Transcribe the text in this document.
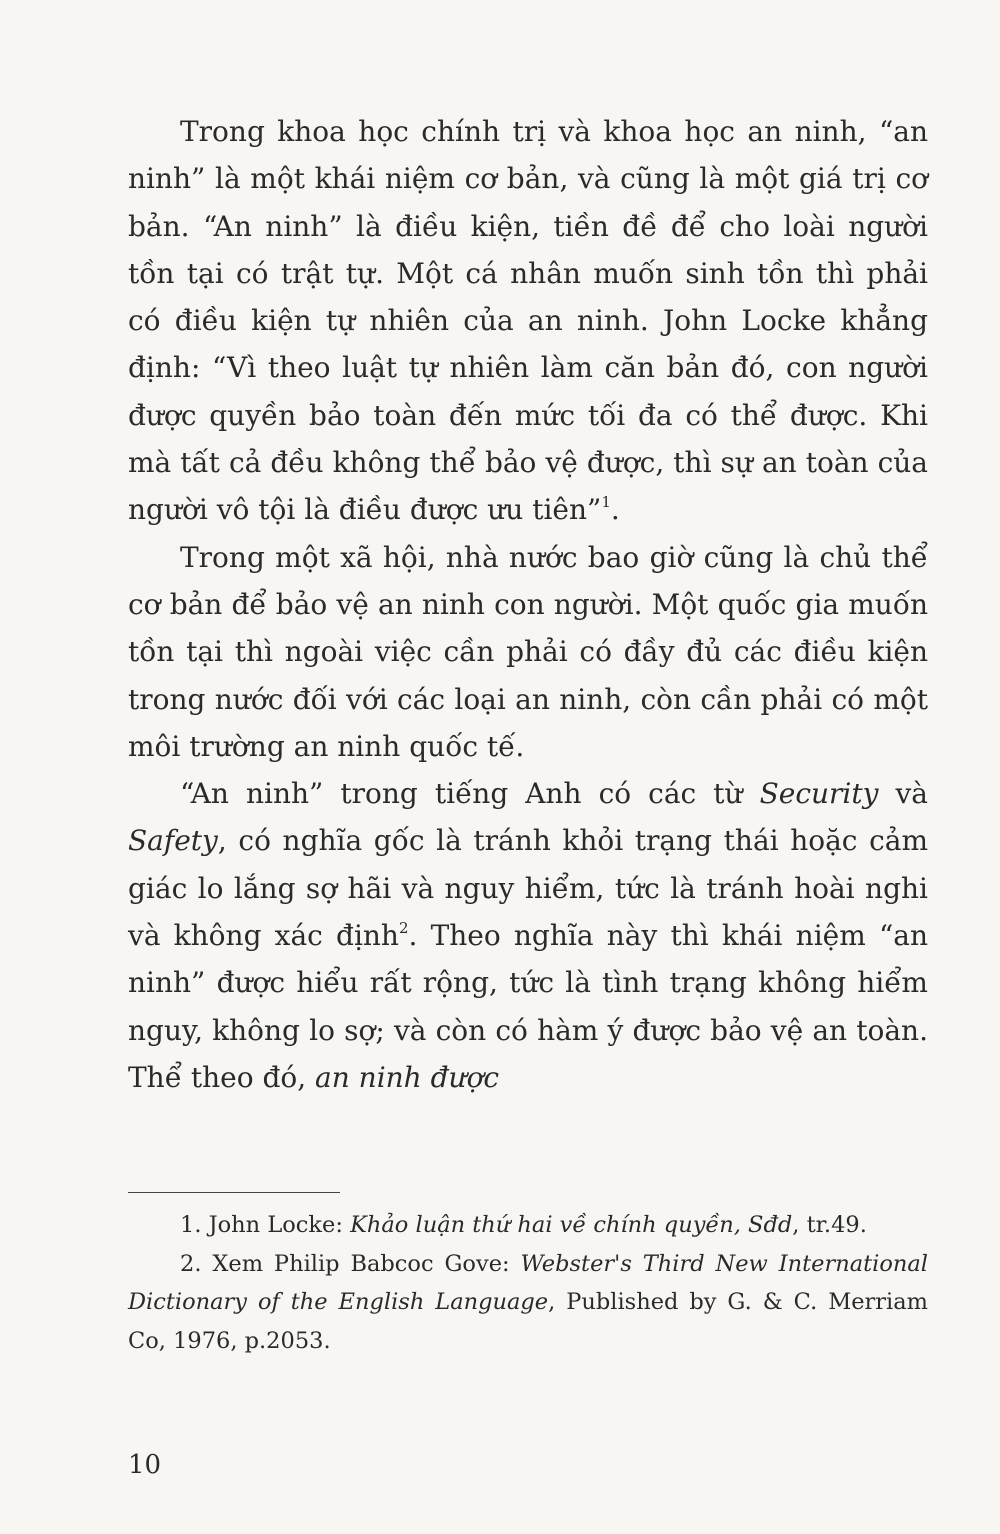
Trong khoa học chính trị và khoa học an ninh, “an ninh” là một khái niệm cơ bản, và cũng là một giá trị cơ bản. “An ninh” là điều kiện, tiền đề để cho loài người tồn tại có trật tự. Một cá nhân muốn sinh tồn thì phải có điều kiện tự nhiên của an ninh. John Locke khẳng định: “Vì theo luật tự nhiên làm căn bản đó, con người được quyền bảo toàn đến mức tối đa có thể được. Khi mà tất cả đều không thể bảo vệ được, thì sự an toàn của người vô tội là điều được ưu tiên”$^1$.

Trong một xã hội, nhà nước bao giờ cũng là chủ thể cơ bản để bảo vệ an ninh con người. Một quốc gia muốn tồn tại thì ngoài việc cần phải có đầy đủ các điều kiện trong nước đối với các loại an ninh, còn cần phải có một môi trường an ninh quốc tế.

“An ninh” trong tiếng Anh có các từ Security và Safety, có nghĩa gốc là tránh khỏi trạng thái hoặc cảm giác lo lắng sợ hãi và nguy hiểm, tức là tránh hoài nghi và không xác định$^2$. Theo nghĩa này thì khái niệm “an ninh” được hiểu rất rộng, tức là tình trạng không hiểm nguy, không lo sợ; và còn có hàm ý được bảo vệ an toàn. Thể theo đó, an ninh được

1. John Locke: Khảo luận thứ hai về chính quyền, Sđd, tr.49.

2. Xem Philip Babcoc Gove: Webster's Third New International Dictionary of the English Language, Published by G. & C. Merriam Co, 1976, p.2053.

10
